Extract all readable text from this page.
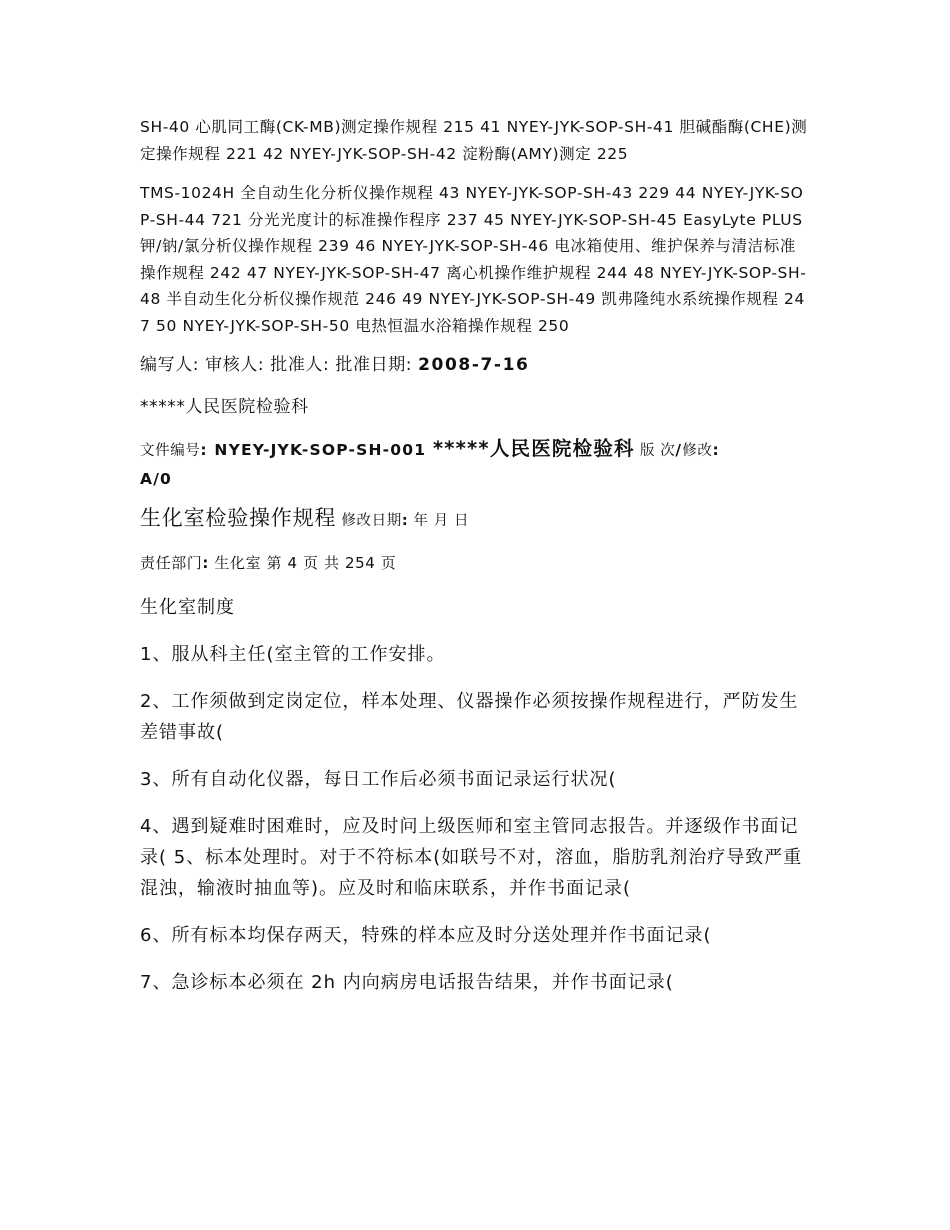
SH-40 心肌同工酶(CK-MB)测定操作规程 215 41 NYEY-JYK-SOP-SH-41 胆碱酯酶(CHE)测定操作规程 221 42 NYEY-JYK-SOP-SH-42 淀粉酶(AMY)测定 225

TMS-1024H 全自动生化分析仪操作规程 43 NYEY-JYK-SOP-SH-43 229 44 NYEY-JYK-SOP-SH-44 721 分光光度计的标准操作程序 237 45 NYEY-JYK-SOP-SH-45 EasyLyte PLUS 钾/钠/氯分析仪操作规程 239 46 NYEY-JYK-SOP-SH-46 电冰箱使用、维护保养与清洁标准操作规程 242 47 NYEY-JYK-SOP-SH-47 离心机操作维护规程 244 48 NYEY-JYK-SOP-SH-48 半自动生化分析仪操作规范 246 49 NYEY-JYK-SOP-SH-49 凯弗隆纯水系统操作规程 247 50 NYEY-JYK-SOP-SH-50 电热恒温水浴箱操作规程 250

编写人: 审核人: 批准人: 批准日期: 2008-7-16

*****人民医院检验科

文件编号: NYEY-JYK-SOP-SH-001 *****人民医院检验科 版 次/修改:
A/0

生化室检验操作规程 修改日期: 年 月 日

责任部门: 生化室 第 4 页 共 254 页

生化室制度

1、服从科主任(室主管的工作安排。

2、工作须做到定岗定位，样本处理、仪器操作必须按操作规程进行，严防发生差错事故(

3、所有自动化仪器，每日工作后必须书面记录运行状况(

4、遇到疑难时困难时，应及时问上级医师和室主管同志报告。并逐级作书面记录( 5、标本处理时。对于不符标本(如联号不对，溶血，脂肪乳剂治疗导致严重混浊，输液时抽血等)。应及时和临床联系，并作书面记录(

6、所有标本均保存两天，特殊的样本应及时分送处理并作书面记录(

7、急诊标本必须在 2h 内向病房电话报告结果，并作书面记录(
